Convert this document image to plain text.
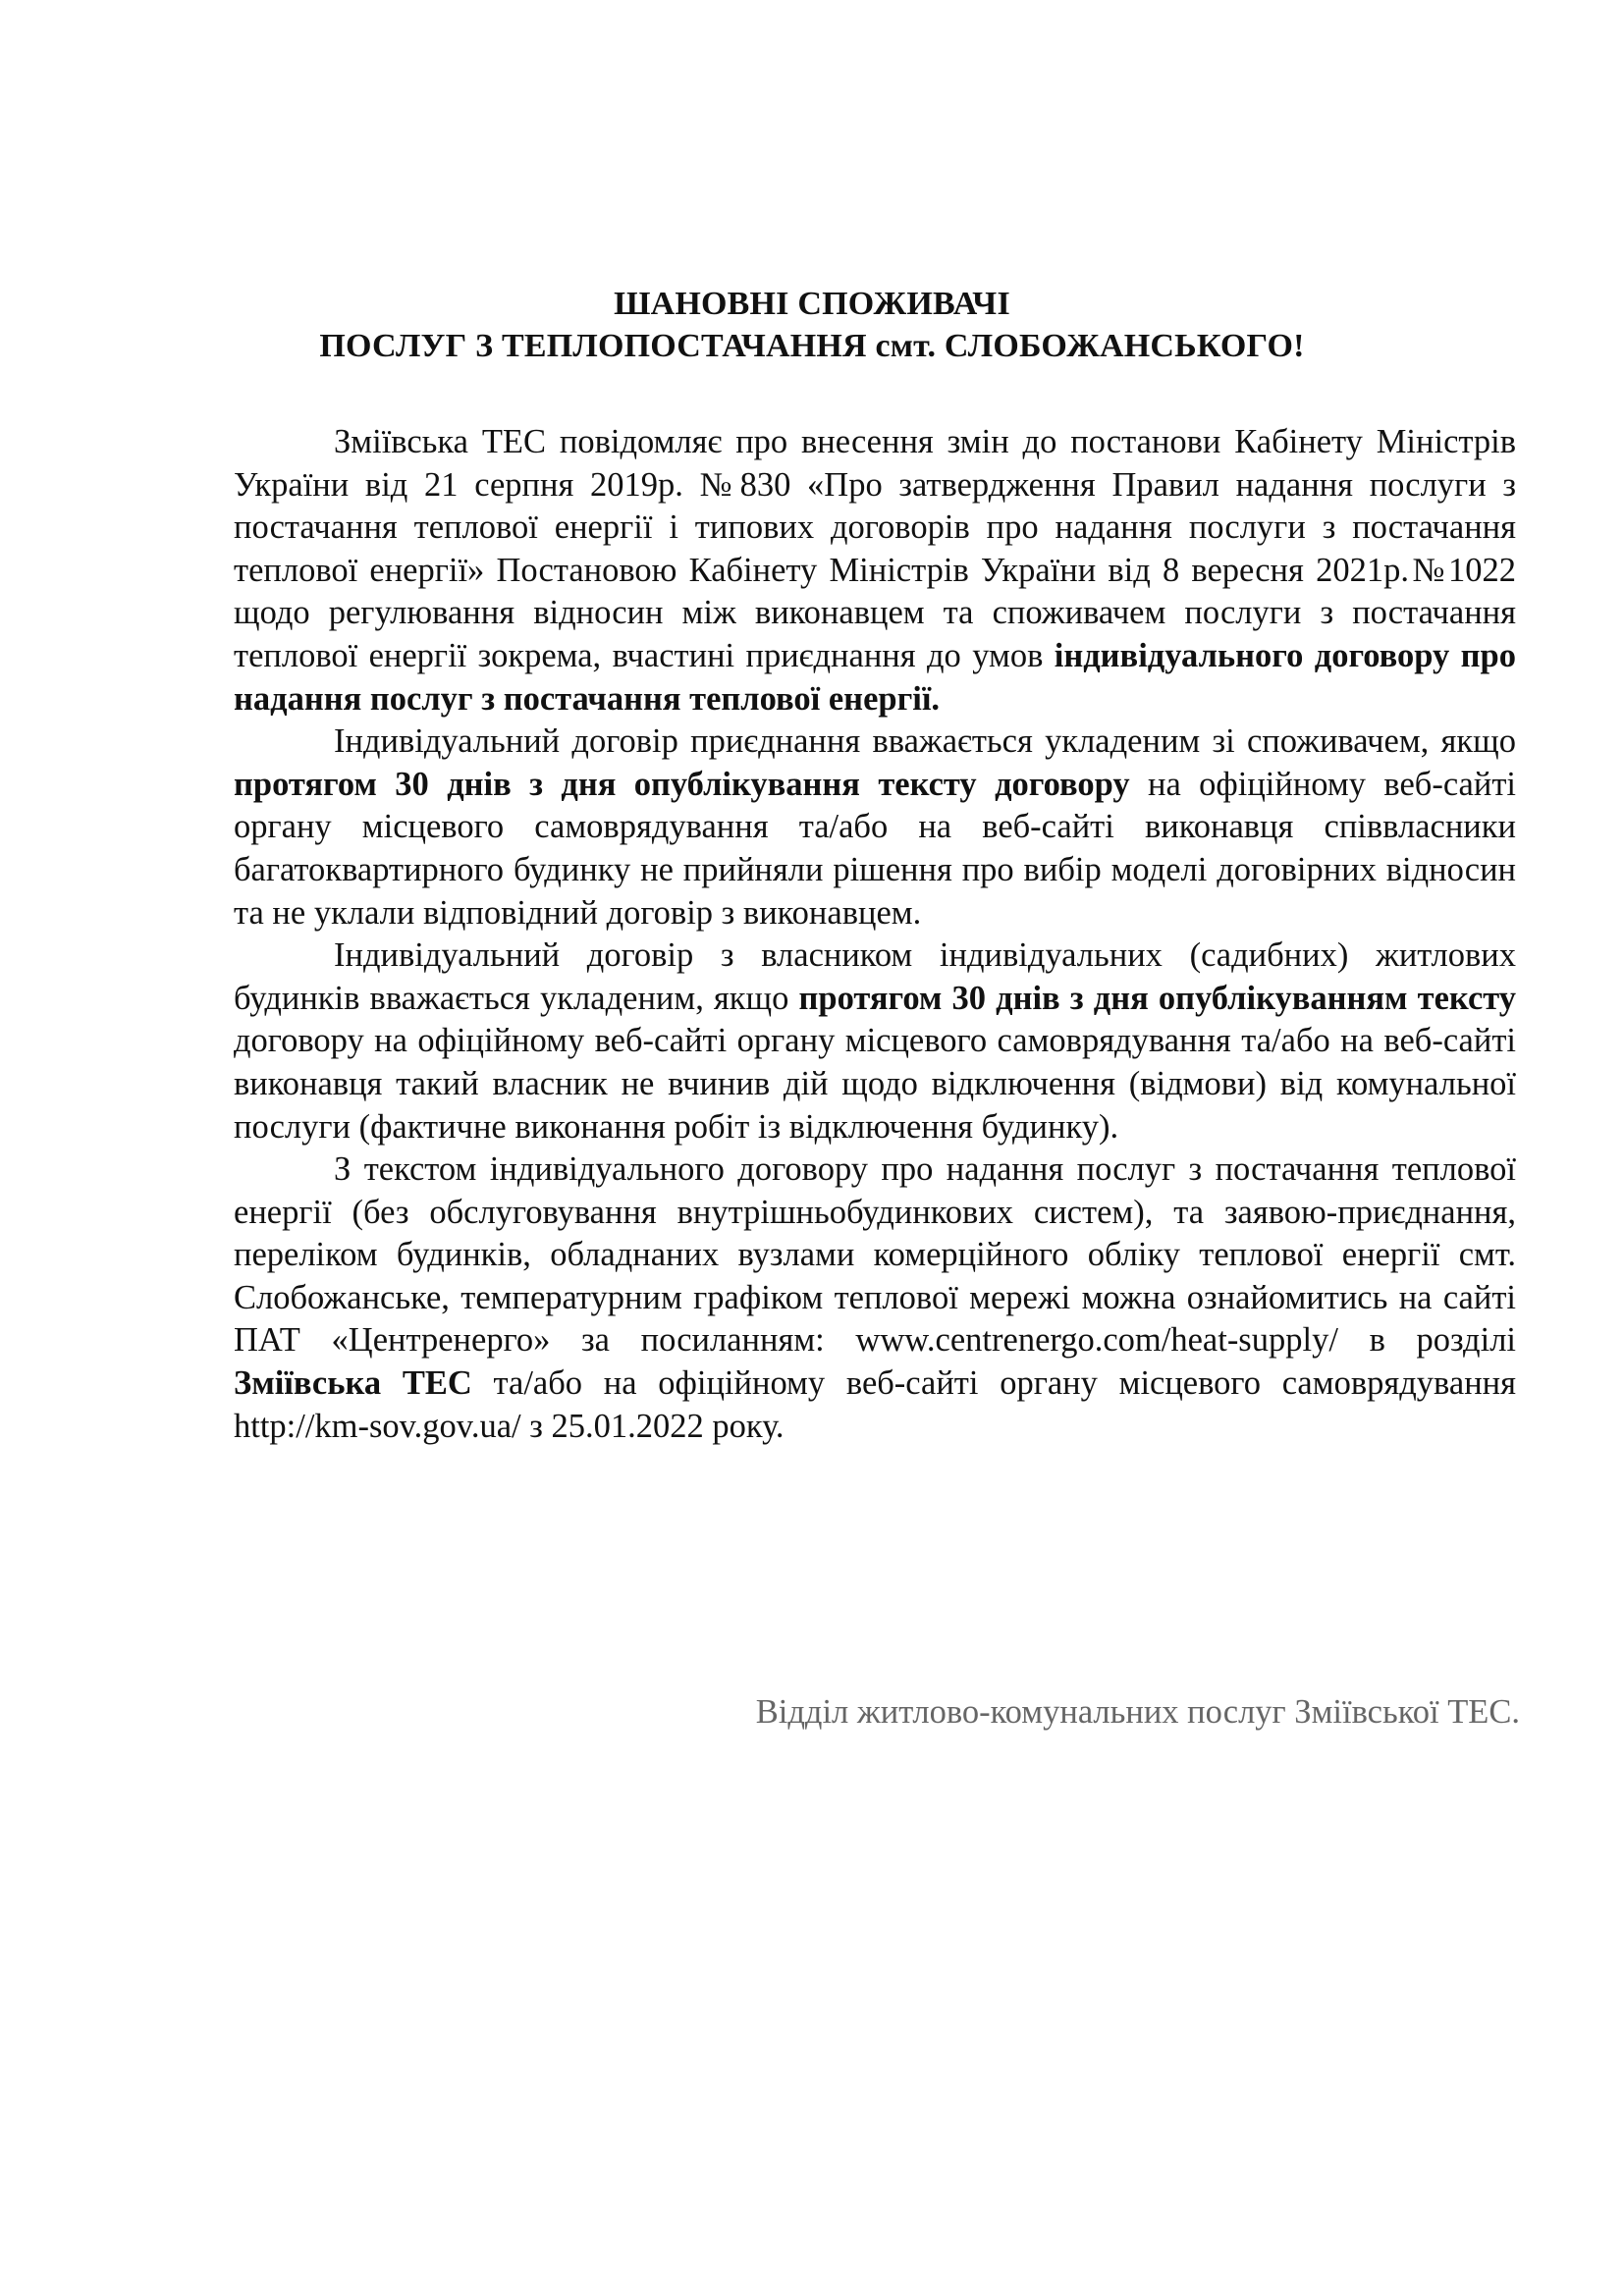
ШАНОВНІ СПОЖИВАЧІ
ПОСЛУГ З ТЕПЛОПОСТАЧАННЯ смт. СЛОБОЖАНСЬКОГО!

Зміївська ТЕС повідомляє про внесення змін до постанови Кабінету Міністрів України від 21 серпня 2019р. №830 «Про затвердження Правил надання послуги з постачання теплової енергії і типових договорів про надання послуги з постачання теплової енергії» Постановою Кабінету Міністрів України від 8 вересня 2021р.№1022 щодо регулювання відносин між виконавцем та споживачем послуги з постачання теплової енергії зокрема, вчастині приєднання до умов індивідуального договору про надання послуг з постачання теплової енергії.

Індивідуальний договір приєднання вважається укладеним зі споживачем, якщо протягом 30 днів з дня опублікування тексту договору на офіційному веб-сайті органу місцевого самоврядування та/або на веб-сайті виконавця співвласники багатоквартирного будинку не прийняли рішення про вибір моделі договірних відносин та не уклали відповідний договір з виконавцем.

Індивідуальний договір з власником індивідуальних (садибних) житлових будинків вважається укладеним, якщо протягом 30 днів з дня опублікуванням тексту договору на офіційному веб-сайті органу місцевого самоврядування та/або на веб-сайті виконавця такий власник не вчинив дій щодо відключення (відмови) від комунальної послуги (фактичне виконання робіт із відключення будинку).

З текстом індивідуального договору про надання послуг з постачання теплової енергії (без обслуговування внутрішньобудинкових систем), та заявою-приєднання, переліком будинків, обладнаних вузлами комерційного обліку теплової енергії смт. Слобожанське, температурним графіком теплової мережі можна ознайомитись на сайті ПАТ «Центренерго» за посиланням: www.centrenergo.com/heat-supply/ в розділі Зміївська ТЕС та/або на офіційному веб-сайті органу місцевого самоврядування http://km-sov.gov.ua/ з 25.01.2022 року.

Відділ житлово-комунальних послуг Зміївської ТЕС.
